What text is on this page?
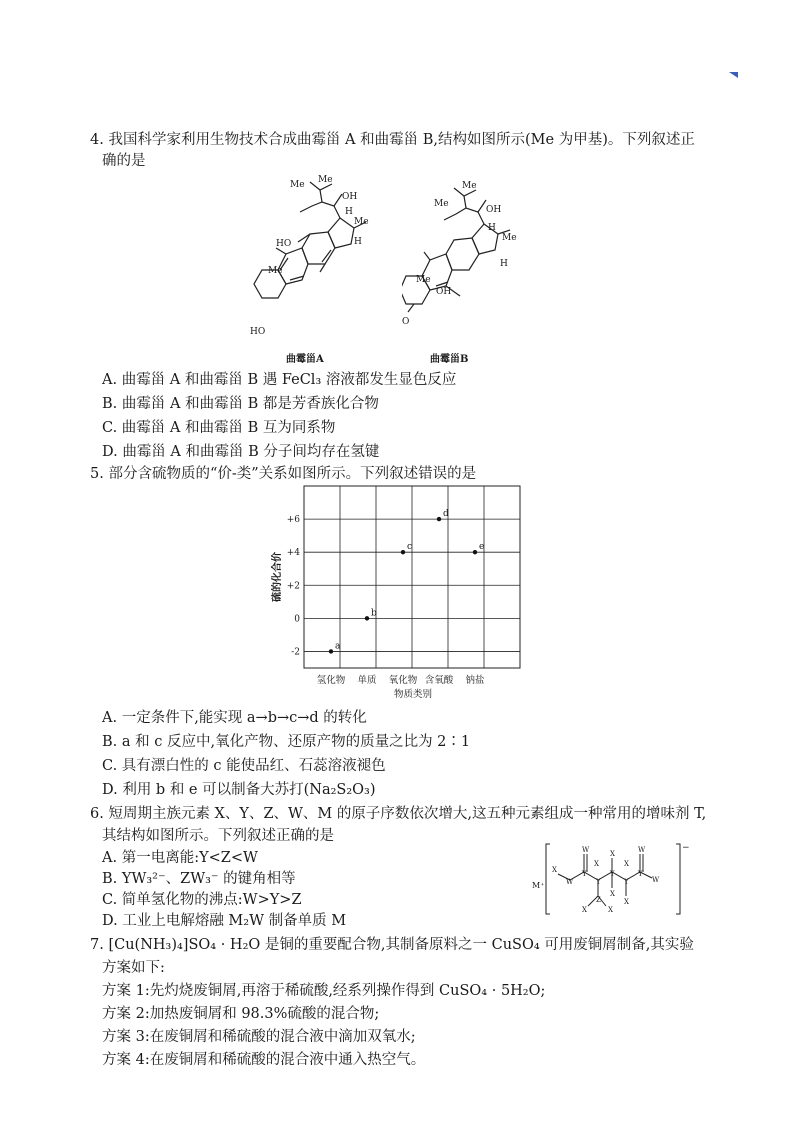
4. 我国科学家利用生物技术合成曲霉甾 A 和曲霉甾 B,结构如图所示(Me 为甲基)。下列叙述正
确的是
Me Me
OH
Me
H
HO	H
Me
HO
曲霉甾A
Me
Me
OH
Me
H
Me
OH
H
O
曲霉甾B
A. 曲霉甾 A 和曲霉甾 B 遇 FeCl₃ 溶液都发生显色反应
B. 曲霉甾 A 和曲霉甾 B 都是芳香族化合物
C. 曲霉甾 A 和曲霉甾 B 互为同系物
D. 曲霉甾 A 和曲霉甾 B 分子间均存在氢键
5. 部分含硫物质的“价-类”关系如图所示。下列叙述错误的是
+6
+4
+2
0
-2
硫的化合价
氢化物 单质 氧化物 含氧酸 钠盐
物质类别
a
b
c
d
e
A. 一定条件下,能实现 a→b→c→d 的转化
B. a 和 c 反应中,氧化产物、还原产物的质量之比为 2∶1
C. 具有漂白性的 c 能使品红、石蕊溶液褪色
D. 利用 b 和 e 可以制备大苏打(Na₂S₂O₃)
6. 短周期主族元素 X、Y、Z、W、M 的原子序数依次增大,这五种元素组成一种常用的增味剂 T,
其结构如图所示。下列叙述正确的是
A. 第一电离能:Y<Z<W
B. YW₃²⁻、ZW₃⁻ 的键角相等
C. 简单氢化物的沸点:W>Y>Z
D. 工业上电解熔融 M₂W 制备单质 M
M⁺
−
X
W
W
Y
Y
Y
Y
Y
W
W
X
X	X
X
X
Z
X	X
7. [Cu(NH₃)₄]SO₄ · H₂O 是铜的重要配合物,其制备原料之一 CuSO₄ 可用废铜屑制备,其实验
方案如下:
方案 1:先灼烧废铜屑,再溶于稀硫酸,经系列操作得到 CuSO₄ · 5H₂O;
方案 2:加热废铜屑和 98.3%硫酸的混合物;
方案 3:在废铜屑和稀硫酸的混合液中滴加双氧水;
方案 4:在废铜屑和稀硫酸的混合液中通入热空气。
